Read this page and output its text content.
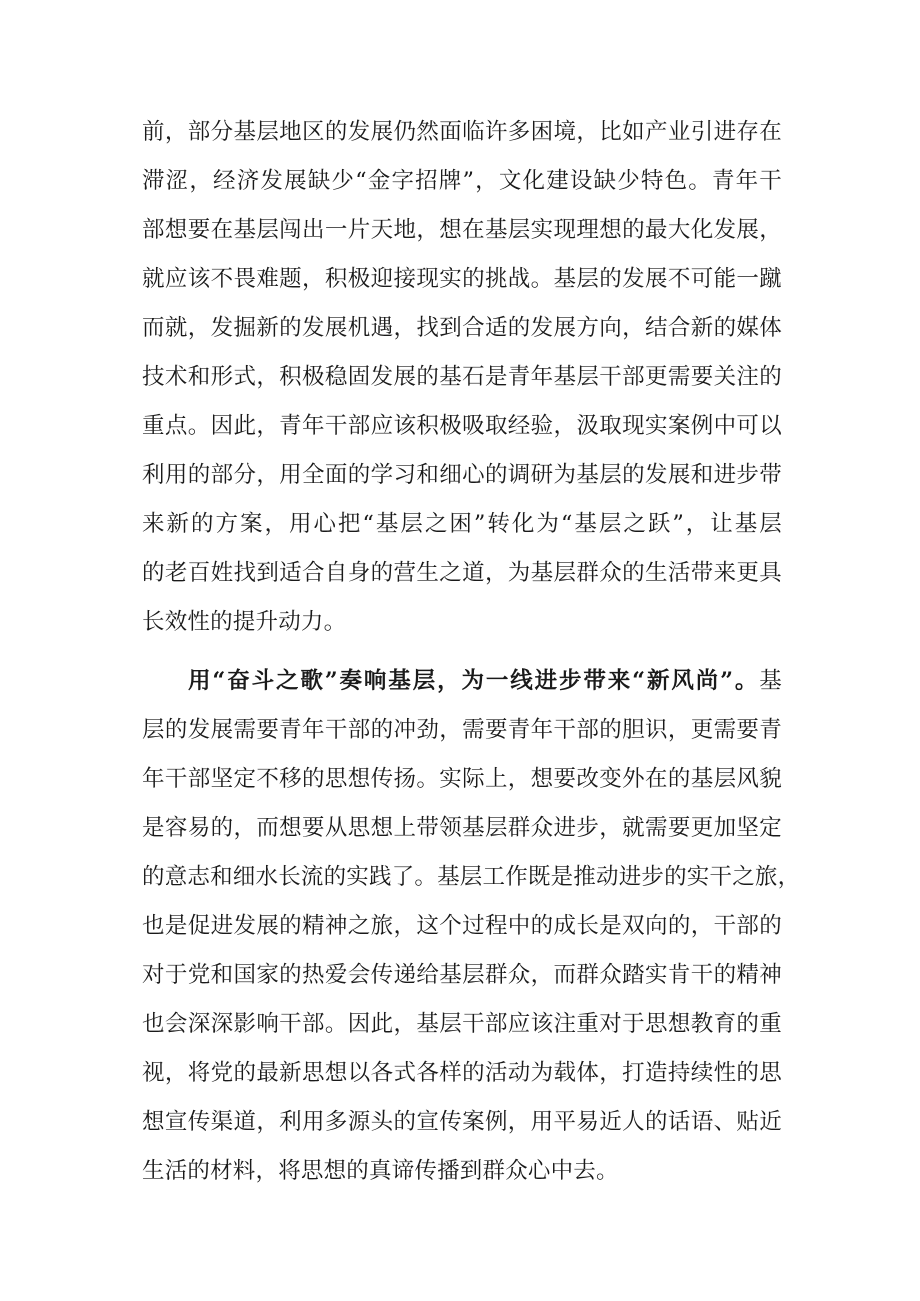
前，部分基层地区的发展仍然面临许多困境，比如产业引进存在
滞涩，经济发展缺少“金字招牌”，文化建设缺少特色。青年干
部想要在基层闯出一片天地，想在基层实现理想的最大化发展，
就应该不畏难题，积极迎接现实的挑战。基层的发展不可能一蹴
而就，发掘新的发展机遇，找到合适的发展方向，结合新的媒体
技术和形式，积极稳固发展的基石是青年基层干部更需要关注的
重点。因此，青年干部应该积极吸取经验，汲取现实案例中可以
利用的部分，用全面的学习和细心的调研为基层的发展和进步带
来新的方案，用心把“基层之困”转化为“基层之跃”，让基层
的老百姓找到适合自身的营生之道，为基层群众的生活带来更具
长效性的提升动力。
用“奋斗之歌”奏响基层，为一线进步带来“新风尚”。基
层的发展需要青年干部的冲劲，需要青年干部的胆识，更需要青
年干部坚定不移的思想传扬。实际上，想要改变外在的基层风貌
是容易的，而想要从思想上带领基层群众进步，就需要更加坚定
的意志和细水长流的实践了。基层工作既是推动进步的实干之旅，
也是促进发展的精神之旅，这个过程中的成长是双向的，干部的
对于党和国家的热爱会传递给基层群众，而群众踏实肯干的精神
也会深深影响干部。因此，基层干部应该注重对于思想教育的重
视，将党的最新思想以各式各样的活动为载体，打造持续性的思
想宣传渠道，利用多源头的宣传案例，用平易近人的话语、贴近
生活的材料，将思想的真谛传播到群众心中去。
